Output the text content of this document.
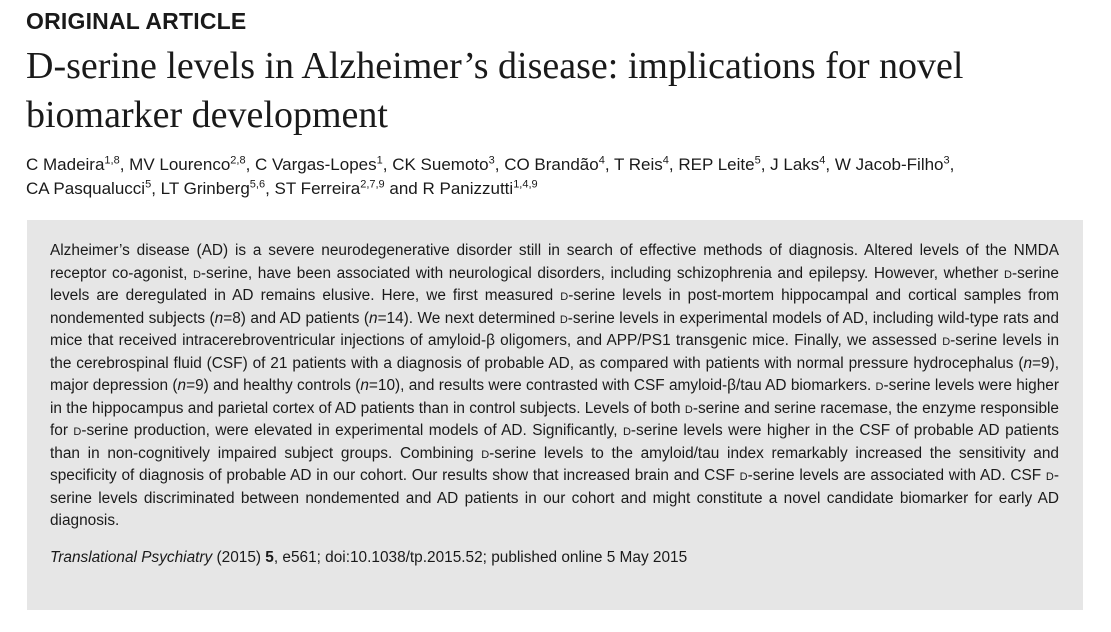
ORIGINAL ARTICLE
D-serine levels in Alzheimer’s disease: implications for novel biomarker development

C Madeira$^{1,8}$, MV Lourenco$^{2,8}$, C Vargas-Lopes$^1$, CK Suemoto$^3$, CO Brandão$^4$, T Reis$^4$, REP Leite$^5$, J Laks$^4$, W Jacob-Filho$^3$,
CA Pasqualucci$^5$, LT Grinberg$^{5,6}$, ST Ferreira$^{2,7,9}$ and R Panizzutti$^{1,4,9}$

Alzheimer’s disease (AD) is a severe neurodegenerative disorder still in search of effective methods of diagnosis. Altered levels of the NMDA receptor co-agonist, d-serine, have been associated with neurological disorders, including schizophrenia and epilepsy. However, whether d-serine levels are deregulated in AD remains elusive. Here, we first measured d-serine levels in post-mortem hippocampal and cortical samples from nondemented subjects (n=8) and AD patients (n=14). We next determined d-serine levels in experimental models of AD, including wild-type rats and mice that received intracerebroventricular injections of amyloid-β oligomers, and APP/PS1 transgenic mice. Finally, we assessed d-serine levels in the cerebrospinal fluid (CSF) of 21 patients with a diagnosis of probable AD, as compared with patients with normal pressure hydrocephalus (n=9), major depression (n=9) and healthy controls (n=10), and results were contrasted with CSF amyloid-β/tau AD biomarkers. d-serine levels were higher in the hippocampus and parietal cortex of AD patients than in control subjects. Levels of both d-serine and serine racemase, the enzyme responsible for d-serine production, were elevated in experimental models of AD. Significantly, d-serine levels were higher in the CSF of probable AD patients than in non-cognitively impaired subject groups. Combining d-serine levels to the amyloid/tau index remarkably increased the sensitivity and specificity of diagnosis of probable AD in our cohort. Our results show that increased brain and CSF d-serine levels are associated with AD. CSF d-serine levels discriminated between nondemented and AD patients in our cohort and might constitute a novel candidate biomarker for early AD diagnosis.

Translational Psychiatry (2015) 5, e561; doi:10.1038/tp.2015.52; published online 5 May 2015
